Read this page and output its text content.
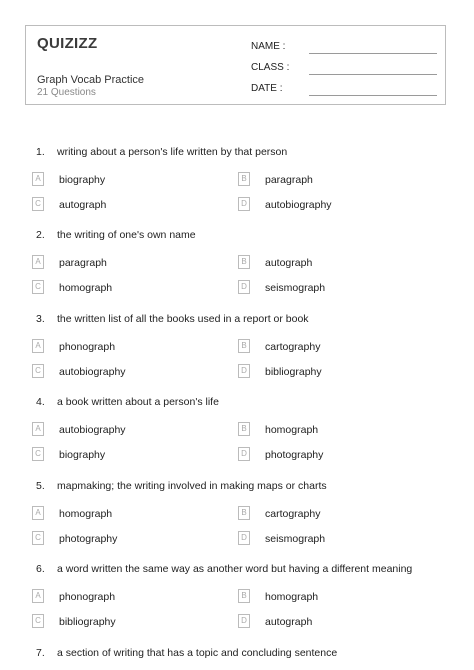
QUIZIZZ
Graph Vocab Practice
21 Questions
NAME :
CLASS :
DATE :
1. writing about a person's life written by that person
A	biography	B	paragraph
C autograph	D autobiography
2. the writing of one's own name
A	paragraph	B	autograph
C homograph	D seismograph
3. the written list of all the books used in a report or book
A	phonograph	B	cartography
C autobiography	D bibliography
4. a book written about a person's life
A	autobiography	B	homograph
C biography	D photography
5. mapmaking; the writing involved in making maps or charts
A	homograph	B	cartography
C photography	D seismograph
6. a word written the same way as another word but having a different meaning
A	phonograph	B	homograph
C bibliography	D autograph
7. a section of writing that has a topic and concluding sentence
